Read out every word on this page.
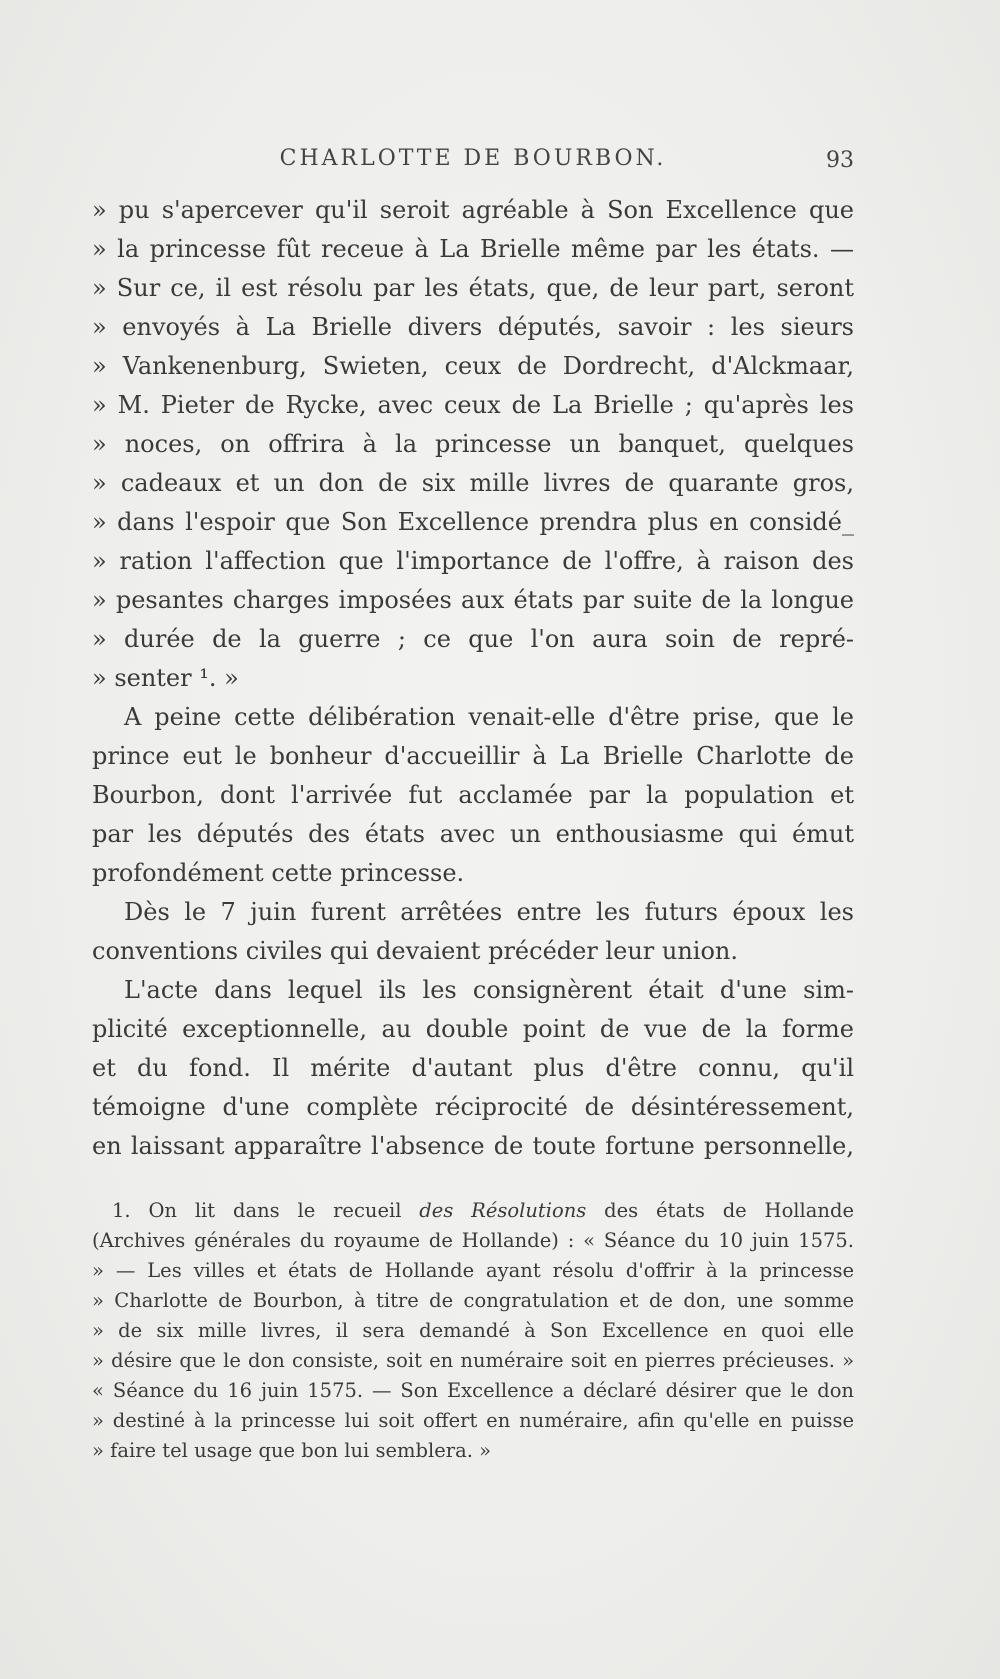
CHARLOTTE DE BOURBON.	93
» pu s'apercever qu'il seroit agréable à Son Excellence que
» la princesse fût receue à La Brielle même par les états. —
» Sur ce, il est résolu par les états, que, de leur part, seront
» envoyés à La Brielle divers députés, savoir : les sieurs
» Vankenenburg, Swieten, ceux de Dordrecht, d'Alckmaar,
» M. Pieter de Rycke, avec ceux de La Brielle ; qu'après les
» noces, on offrira à la princesse un banquet, quelques
» cadeaux et un don de six mille livres de quarante gros,
» dans l'espoir que Son Excellence prendra plus en considé_
» ration l'affection que l'importance de l'offre, à raison des
» pesantes charges imposées aux états par suite de la longue
» durée de la guerre ; ce que l'on aura soin de repré-
» senter ¹. »
A peine cette délibération venait-elle d'être prise, que le
prince eut le bonheur d'accueillir à La Brielle Charlotte de
Bourbon, dont l'arrivée fut acclamée par la population et
par les députés des états avec un enthousiasme qui émut
profondément cette princesse.
Dès le 7 juin furent arrêtées entre les futurs époux les
conventions civiles qui devaient précéder leur union.
L'acte dans lequel ils les consignèrent était d'une sim-
plicité exceptionnelle, au double point de vue de la forme
et du fond. Il mérite d'autant plus d'être connu, qu'il
témoigne d'une complète réciprocité de désintéressement,
en laissant apparaître l'absence de toute fortune personnelle,
1. On lit dans le recueil des Résolutions des états de Hollande
(Archives générales du royaume de Hollande) : « Séance du 10 juin 1575.
» — Les villes et états de Hollande ayant résolu d'offrir à la princesse
» Charlotte de Bourbon, à titre de congratulation et de don, une somme
» de six mille livres, il sera demandé à Son Excellence en quoi elle
» désire que le don consiste, soit en numéraire soit en pierres précieuses. »
« Séance du 16 juin 1575. — Son Excellence a déclaré désirer que le don
» destiné à la princesse lui soit offert en numéraire, afin qu'elle en puisse
» faire tel usage que bon lui semblera. »
